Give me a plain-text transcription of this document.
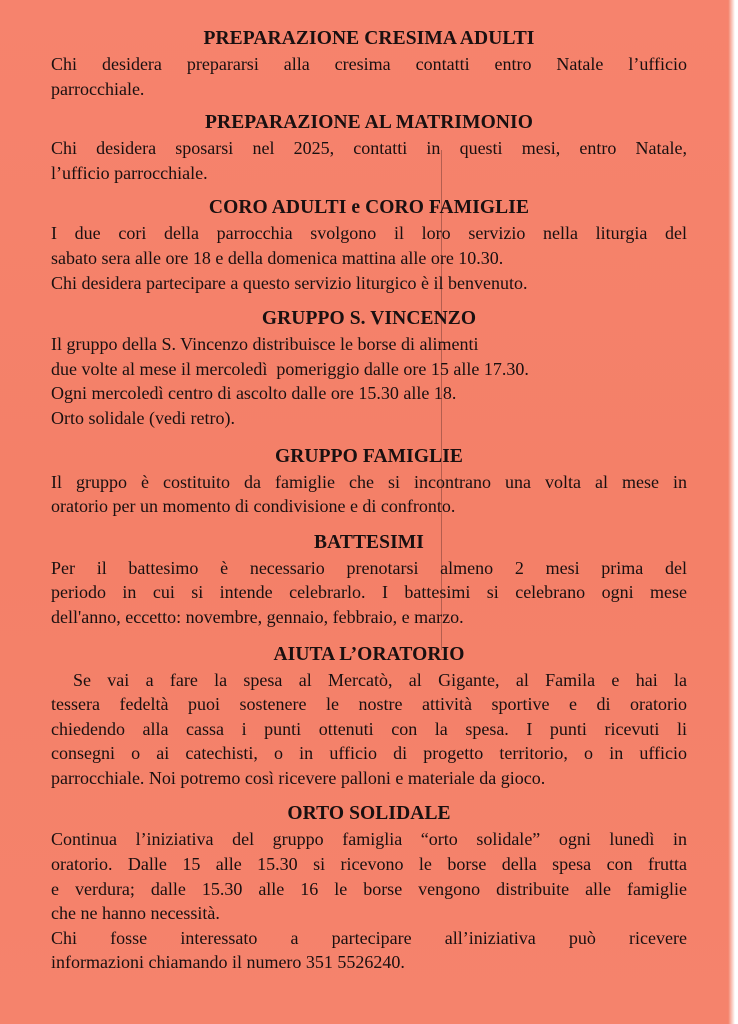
PREPARAZIONE CRESIMA ADULTI

Chi desidera prepararsi alla cresima contatti entro Natale l’ufficio
parrocchiale.

PREPARAZIONE AL MATRIMONIO

Chi desidera sposarsi nel 2025, contatti in questi mesi, entro Natale,
l’ufficio parrocchiale.

CORO ADULTI e CORO FAMIGLIE

I due cori della parrocchia svolgono il loro servizio nella liturgia del
sabato sera alle ore 18 e della domenica mattina alle ore 10.30.
Chi desidera partecipare a questo servizio liturgico è il benvenuto.

GRUPPO S. VINCENZO

Il gruppo della S. Vincenzo distribuisce le borse di alimenti
due volte al mese il mercoledì  pomeriggio dalle ore 15 alle 17.30.
Ogni mercoledì centro di ascolto dalle ore 15.30 alle 18.
Orto solidale (vedi retro).

GRUPPO FAMIGLIE

Il gruppo è costituito da famiglie che si incontrano una volta al mese in
oratorio per un momento di condivisione e di confronto.

BATTESIMI

Per il battesimo è necessario prenotarsi almeno 2 mesi prima del
periodo in cui si intende celebrarlo. I battesimi si celebrano ogni mese
dell'anno, eccetto: novembre, gennaio, febbraio, e marzo.

AIUTA L’ORATORIO

Se vai a fare la spesa al Mercatò, al Gigante, al Famila e hai la
tessera fedeltà puoi sostenere le nostre attività sportive e di oratorio
chiedendo alla cassa i punti ottenuti con la spesa. I punti ricevuti li
consegni o ai catechisti, o in ufficio di progetto territorio, o in ufficio
parrocchiale. Noi potremo così ricevere palloni e materiale da gioco.

ORTO SOLIDALE

Continua l’iniziativa del gruppo famiglia “orto solidale” ogni lunedì in
oratorio. Dalle 15 alle 15.30 si ricevono le borse della spesa con frutta
e verdura; dalle 15.30 alle 16 le borse vengono distribuite alle famiglie
che ne hanno necessità.
Chi fosse interessato a partecipare all’iniziativa può ricevere
informazioni chiamando il numero 351 5526240.
